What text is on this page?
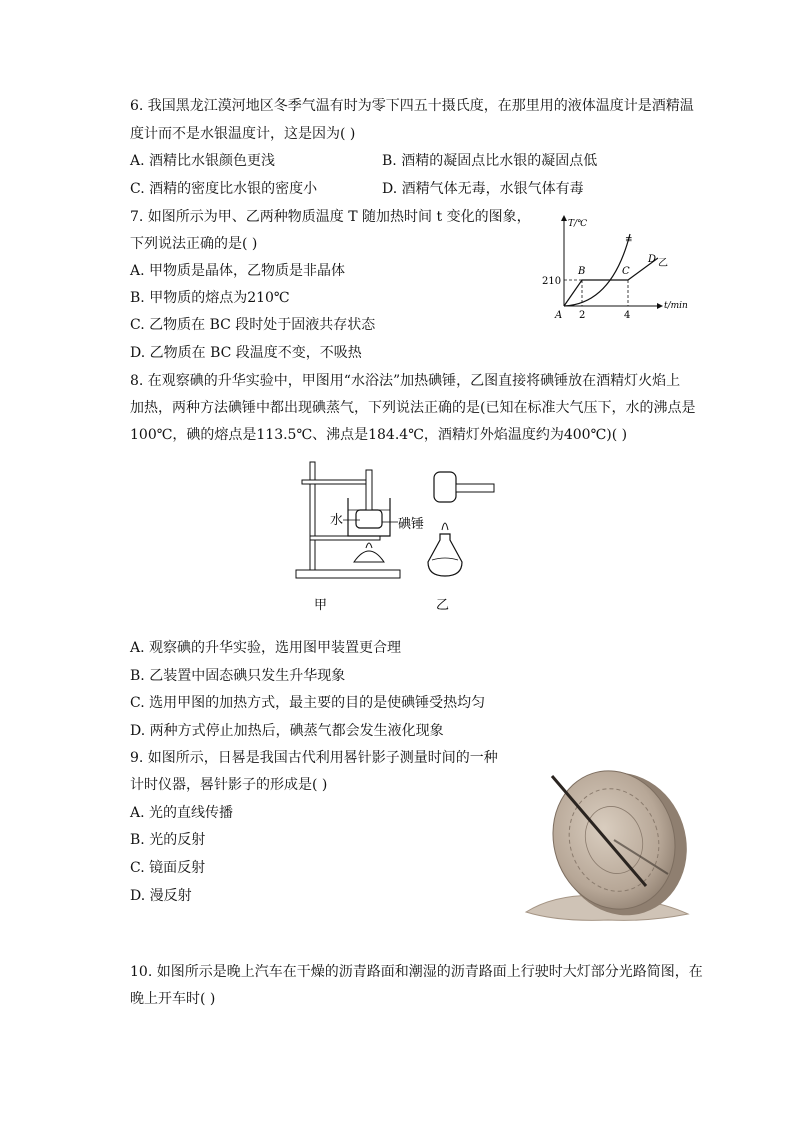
6. 我国黑龙江漠河地区冬季气温有时为零下四五十摄氏度，在那里用的液体温度计是酒精温
度计而不是水银温度计，这是因为( )
A. 酒精比水银颜色更浅	B. 酒精的凝固点比水银的凝固点低
C. 酒精的密度比水银的密度小	D. 酒精气体无毒，水银气体有毒
7. 如图所示为甲、乙两种物质温度 T 随加热时间 t 变化的图象，
下列说法正确的是( )
A. 甲物质是晶体，乙物质是非晶体
B. 甲物质的熔点为210℃
C. 乙物质在 BC 段时处于固液共存状态
D. 乙物质在 BC 段温度不变，不吸热
T/℃
t/min
210
2	4
A
≡
B	C
D 乙
8. 在观察碘的升华实验中，甲图用“水浴法”加热碘锤，乙图直接将碘锤放在酒精灯火焰上
加热，两种方法碘锤中都出现碘蒸气，下列说法正确的是(已知在标准大气压下，水的沸点是
100℃，碘的熔点是113.5℃、沸点是184.4℃，酒精灯外焰温度约为400℃)( )
水	碘锤
甲	乙
A. 观察碘的升华实验，选用图甲装置更合理
B. 乙装置中固态碘只发生升华现象
C. 选用甲图的加热方式，最主要的目的是使碘锤受热均匀
D. 两种方式停止加热后，碘蒸气都会发生液化现象
9. 如图所示，日晷是我国古代利用晷针影子测量时间的一种
计时仪器，晷针影子的形成是( )
A. 光的直线传播
B. 光的反射
C. 镜面反射
D. 漫反射
10. 如图所示是晚上汽车在干燥的沥青路面和潮湿的沥青路面上行驶时大灯部分光路简图，在
晚上开车时( )
